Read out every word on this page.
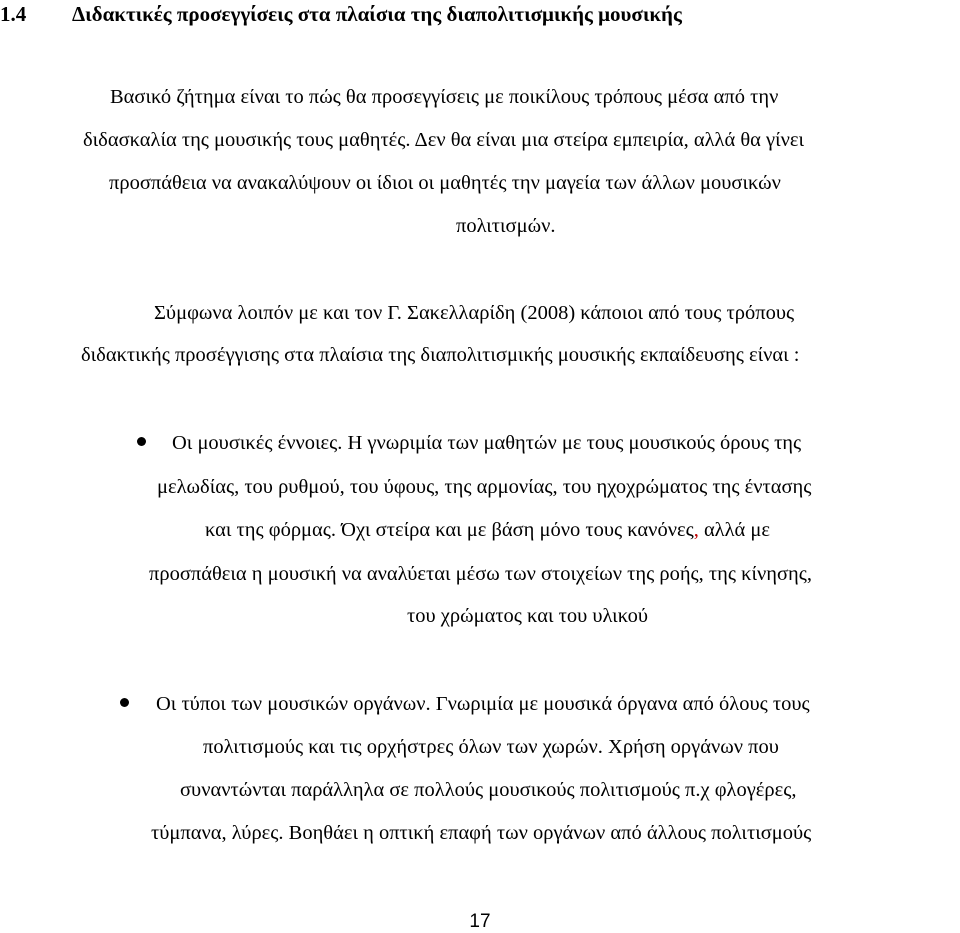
1.4 Διδακτικές προσεγγίσεις στα πλαίσια της διαπολιτισμικής μουσικής
Βασικό ζήτημα είναι το πώς θα προσεγγίσεις με ποικίλους τρόπους μέσα από την
διδασκαλία της μουσικής τους μαθητές. Δεν θα είναι μια στείρα εμπειρία, αλλά θα γίνει
προσπάθεια να ανακαλύψουν οι ίδιοι οι μαθητές την μαγεία των άλλων μουσικών
πολιτισμών.
Σύμφωνα λοιπόν με και τον Γ. Σακελλαρίδη (2008) κάποιοι από τους τρόπους
διδακτικής προσέγγισης στα πλαίσια της διαπολιτισμικής μουσικής εκπαίδευσης είναι :
Οι μουσικές έννοιες. Η γνωριμία των μαθητών με τους μουσικούς όρους της
μελωδίας, του ρυθμού, του ύφους, της αρμονίας, του ηχοχρώματος της έντασης
και της φόρμας. Όχι στείρα και με βάση μόνο τους κανόνες, αλλά με
προσπάθεια η μουσική να αναλύεται μέσω των στοιχείων της ροής, της κίνησης,
του χρώματος και του υλικού
Οι τύποι των μουσικών οργάνων. Γνωριμία με μουσικά όργανα από όλους τους
πολιτισμούς και τις ορχήστρες όλων των χωρών. Χρήση οργάνων που
συναντώνται παράλληλα σε πολλούς μουσικούς πολιτισμούς π.χ φλογέρες,
τύμπανα, λύρες. Βοηθάει η οπτική επαφή των οργάνων από άλλους πολιτισμούς
17
